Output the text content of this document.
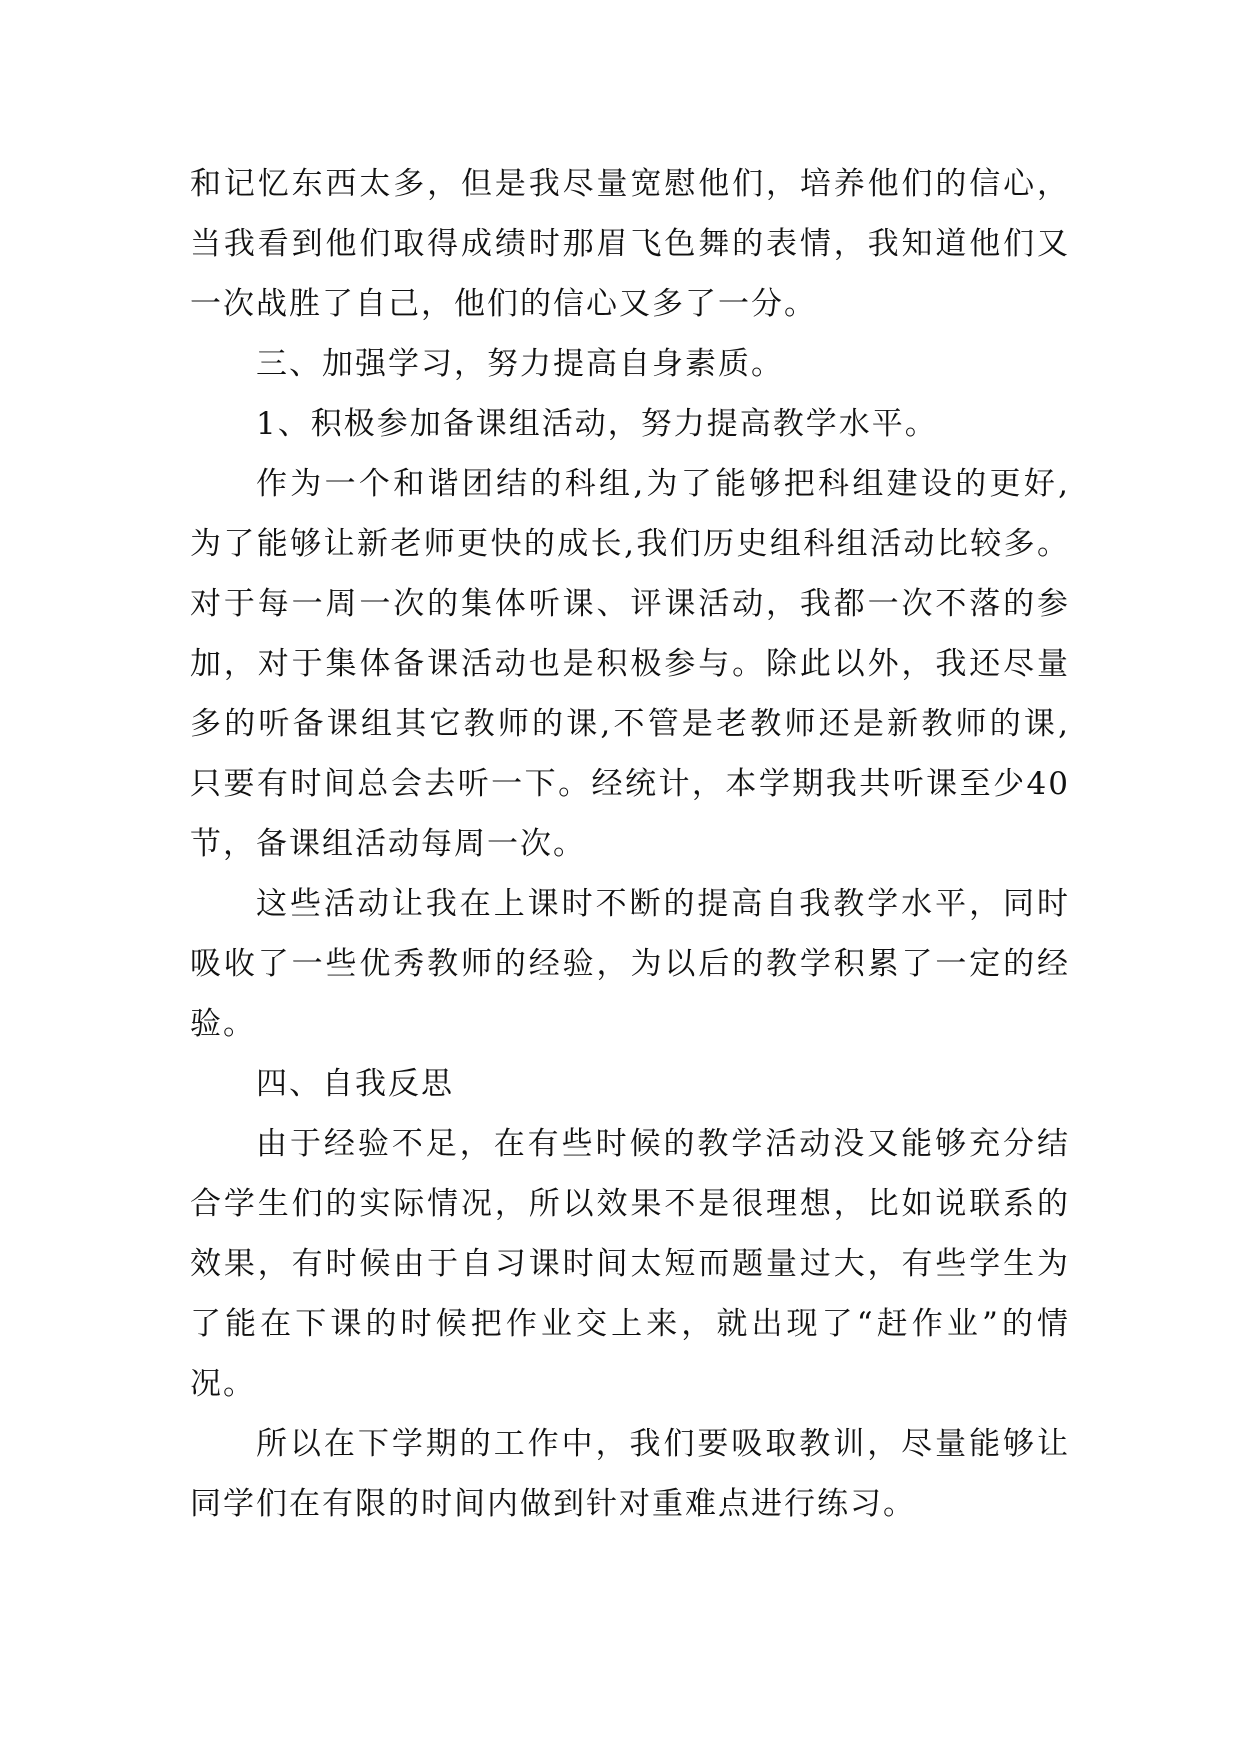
和记忆东西太多，但是我尽量宽慰他们，培养他们的信心，当我看到他们取得成绩时那眉飞色舞的表情，我知道他们又一次战胜了自己，他们的信心又多了一分。

三、加强学习，努力提高自身素质。

1、积极参加备课组活动，努力提高教学水平。

作为一个和谐团结的科组,为了能够把科组建设的更好,为了能够让新老师更快的成长,我们历史组科组活动比较多。对于每一周一次的集体听课、评课活动，我都一次不落的参加，对于集体备课活动也是积极参与。除此以外，我还尽量多的听备课组其它教师的课,不管是老教师还是新教师的课,只要有时间总会去听一下。经统计，本学期我共听课至少40节，备课组活动每周一次。

这些活动让我在上课时不断的提高自我教学水平，同时吸收了一些优秀教师的经验，为以后的教学积累了一定的经验。

四、自我反思

由于经验不足，在有些时候的教学活动没又能够充分结合学生们的实际情况，所以效果不是很理想，比如说联系的效果，有时候由于自习课时间太短而题量过大，有些学生为了能在下课的时候把作业交上来，就出现了“赶作业”的情况。

所以在下学期的工作中，我们要吸取教训，尽量能够让同学们在有限的时间内做到针对重难点进行练习。
